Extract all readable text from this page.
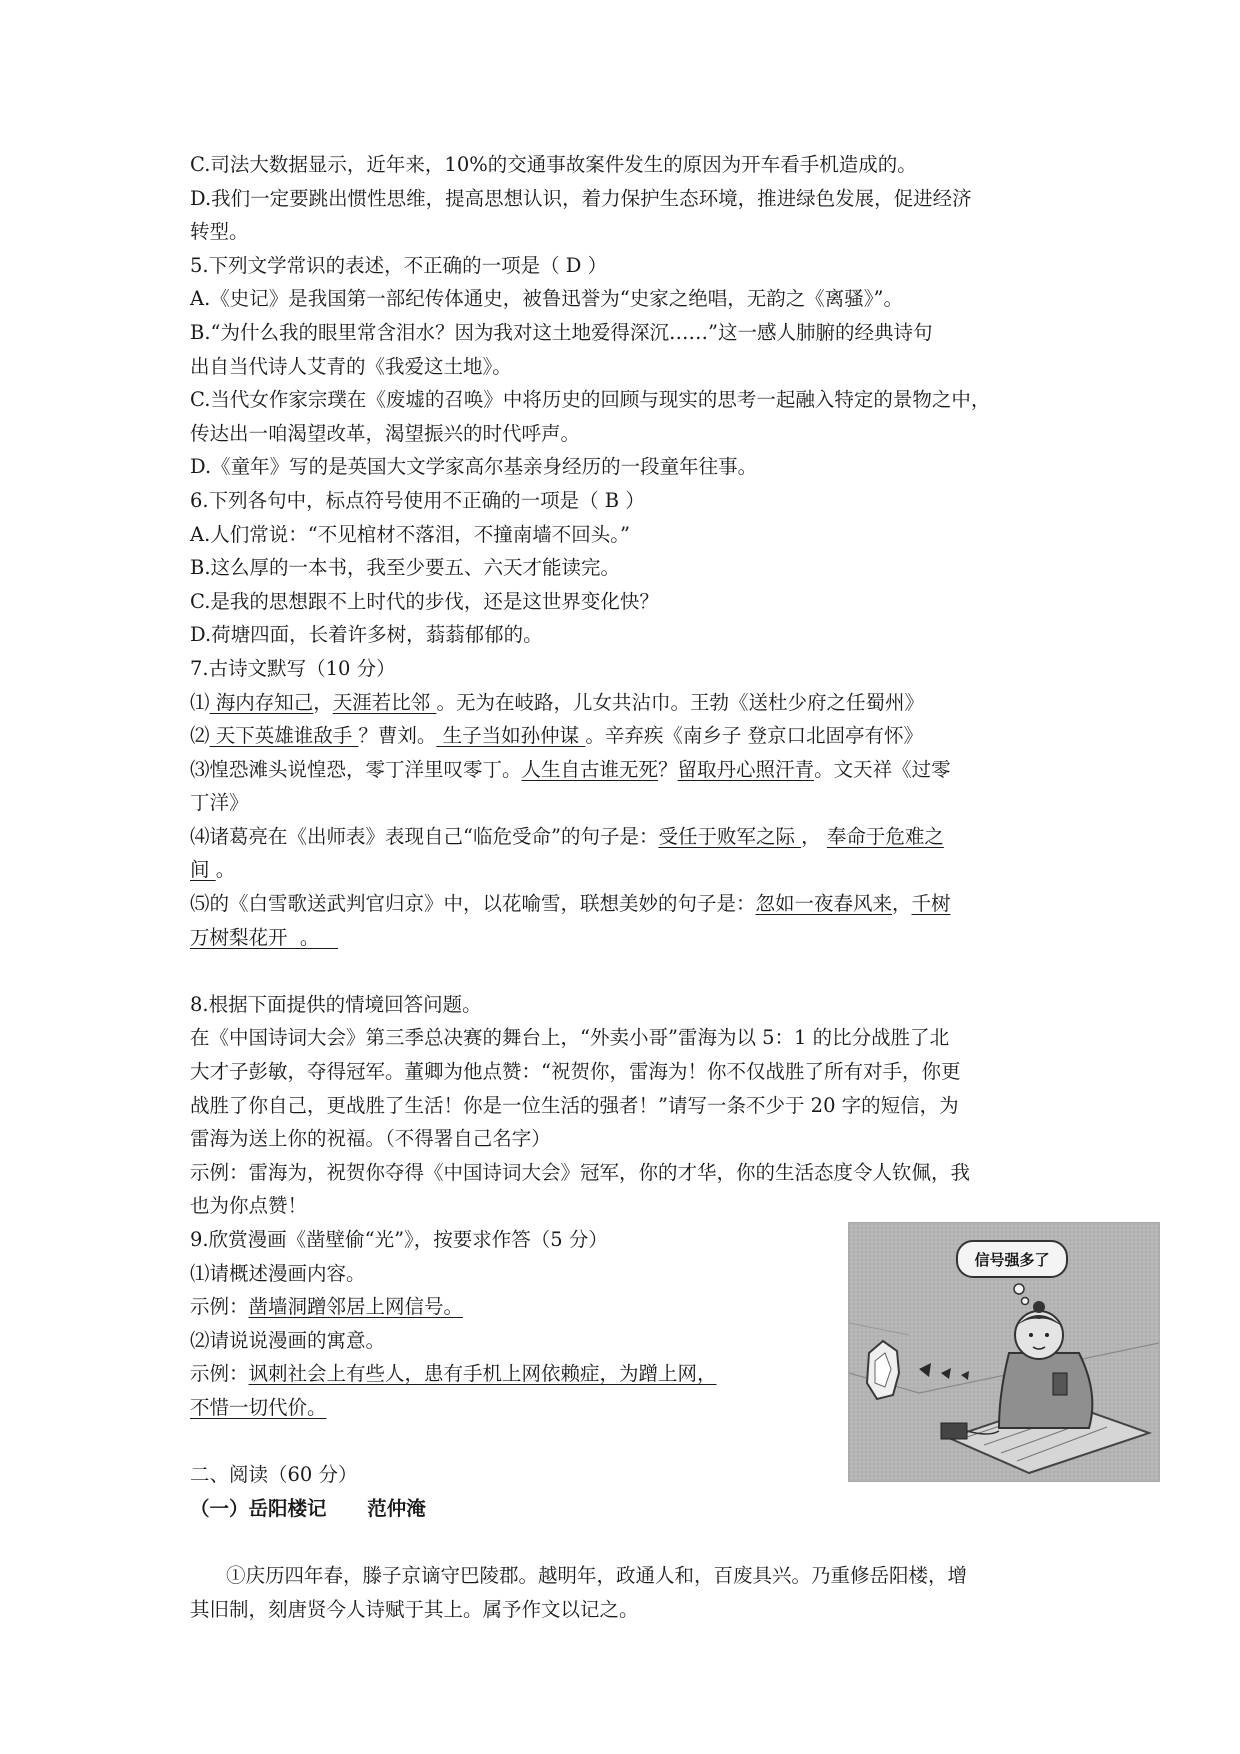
C.司法大数据显示，近年来，10%的交通事故案件发生的原因为开车看手机造成的。
D.我们一定要跳出惯性思维，提高思想认识，着力保护生态环境，推进绿色发展，促进经济
转型。
5.下列文学常识的表述，不正确的一项是（ D ）
A.《史记》是我国第一部纪传体通史，被鲁迅誉为“史家之绝唱，无韵之《离骚》”。
B.“为什么我的眼里常含泪水？因为我对这土地爱得深沉……”这一感人肺腑的经典诗句
出自当代诗人艾青的《我爱这土地》。
C.当代女作家宗璞在《废墟的召唤》中将历史的回顾与现实的思考一起融入特定的景物之中，
传达出一咱渴望改革，渴望振兴的时代呼声。
D.《童年》写的是英国大文学家高尔基亲身经历的一段童年往事。
6.下列各句中，标点符号使用不正确的一项是（ B ）
A.人们常说：“不见棺材不落泪，不撞南墙不回头。”
B.这么厚的一本书，我至少要五、六天才能读完。
C.是我的思想跟不上时代的步伐，还是这世界变化快？
D.荷塘四面，长着许多树，蓊蓊郁郁的。
7.古诗文默写（10 分）
⑴ 海内存知己，天涯若比邻 。无为在岐路，儿女共沾巾。王勃《送杜少府之任蜀州》
⑵ 天下英雄谁敌手 ？曹刘。 生子当如孙仲谋 。辛弃疾《南乡子 登京口北固亭有怀》
⑶惶恐滩头说惶恐，零丁洋里叹零丁。人生自古谁无死？留取丹心照汗青。文天祥《过零
丁洋》
⑷诸葛亮在《出师表》表现自己“临危受命”的句子是：受任于败军之际 ， 奉命于危难之
间 。
⑸的《白雪歌送武判官归京》中，以花喻雪，联想美妙的句子是：忽如一夜春风来，千树
万树梨花开  。
8.根据下面提供的情境回答问题。
在《中国诗词大会》第三季总决赛的舞台上，“外卖小哥”雷海为以 5：1 的比分战胜了北
大才子彭敏，夺得冠军。董卿为他点赞：“祝贺你，雷海为！你不仅战胜了所有对手，你更
战胜了你自己，更战胜了生活！你是一位生活的强者！”请写一条不少于 20 字的短信，为
雷海为送上你的祝福。（不得署自己名字）
示例：雷海为，祝贺你夺得《中国诗词大会》冠军，你的才华，你的生活态度令人钦佩，我
也为你点赞！
9.欣赏漫画《凿壁偷“光”》，按要求作答（5 分）
⑴请概述漫画内容。
示例：凿墙洞蹭邻居上网信号。
⑵请说说漫画的寓意。
示例：讽刺社会上有些人，患有手机上网依赖症，为蹭上网，
不惜一切代价。
二、阅读（60 分）
（一）岳阳楼记      范仲淹
①庆历四年春，滕子京谪守巴陵郡。越明年，政通人和，百废具兴。乃重修岳阳楼，增
其旧制，刻唐贤今人诗赋于其上。属予作文以记之。
信号强多了
